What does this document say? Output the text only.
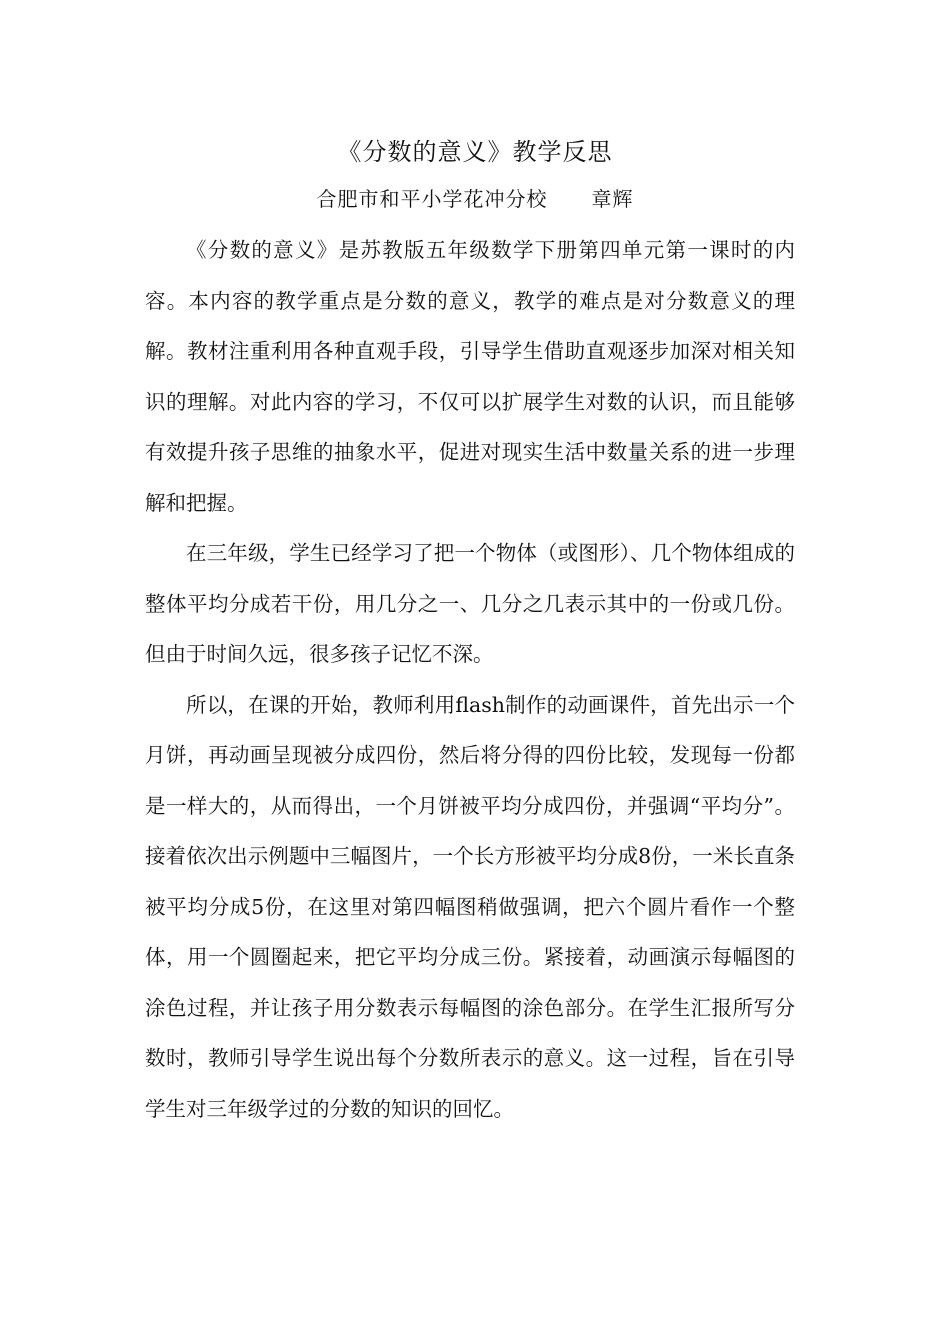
《分数的意义》教学反思
合肥市和平小学花冲分校 章辉

《分数的意义》是苏教版五年级数学下册第四单元第一课时的内容。本内容的教学重点是分数的意义，教学的难点是对分数意义的理解。教材注重利用各种直观手段，引导学生借助直观逐步加深对相关知识的理解。对此内容的学习，不仅可以扩展学生对数的认识，而且能够有效提升孩子思维的抽象水平，促进对现实生活中数量关系的进一步理解和把握。

在三年级，学生已经学习了把一个物体（或图形）、几个物体组成的整体平均分成若干份，用几分之一、几分之几表示其中的一份或几份。但由于时间久远，很多孩子记忆不深。

所以，在课的开始，教师利用flash制作的动画课件，首先出示一个月饼，再动画呈现被分成四份，然后将分得的四份比较，发现每一份都是一样大的，从而得出，一个月饼被平均分成四份，并强调“平均分”。接着依次出示例题中三幅图片，一个长方形被平均分成8份，一米长直条被平均分成5份，在这里对第四幅图稍做强调，把六个圆片看作一个整体，用一个圆圈起来，把它平均分成三份。紧接着，动画演示每幅图的涂色过程，并让孩子用分数表示每幅图的涂色部分。在学生汇报所写分数时，教师引导学生说出每个分数所表示的意义。这一过程，旨在引导学生对三年级学过的分数的知识的回忆。
